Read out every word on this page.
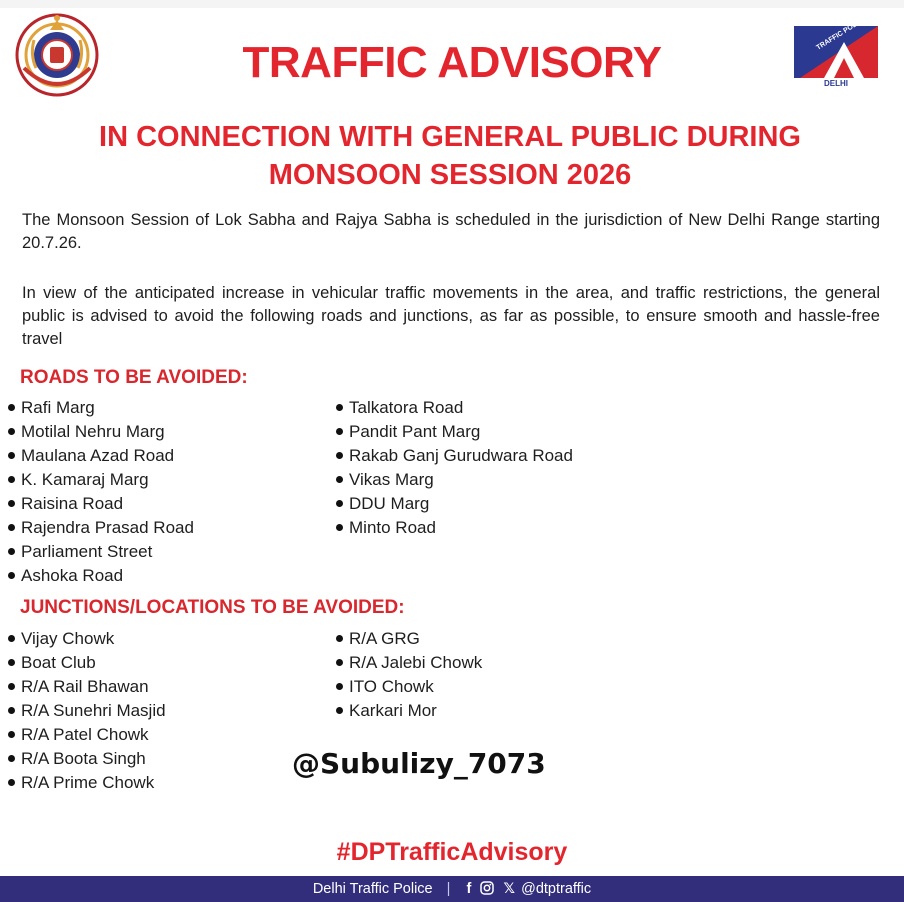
DELHI
TRAFFIC ADVISORY
IN CONNECTION WITH GENERAL PUBLIC DURING
MONSOON SESSION 2026
The Monsoon Session of Lok Sabha and Rajya Sabha is scheduled in the jurisdiction of New Delhi Range starting 20.7.26.
In view of the anticipated increase in vehicular traffic movements in the area, and traffic restrictions, the general public is advised to avoid the following roads and junctions, as far as possible, to ensure smooth and hassle-free travel
ROADS TO BE AVOIDED:
Rafi Marg
Motilal Nehru Marg
Maulana Azad Road
K. Kamaraj Marg
Raisina Road
Rajendra Prasad Road
Parliament Street
Ashoka Road
Talkatora Road
Pandit Pant Marg
Rakab Ganj Gurudwara Road
Vikas Marg
DDU Marg
Minto Road
JUNCTIONS/LOCATIONS TO BE AVOIDED:
Vijay Chowk
Boat Club
R/A Rail Bhawan
R/A Sunehri Masjid
R/A Patel Chowk
R/A Boota Singh
R/A Prime Chowk
R/A GRG
R/A Jalebi Chowk
ITO Chowk
Karkari Mor
@Subulizy_7073
#DPTrafficAdvisory
Delhi Traffic Police | f 𝕏 @dtptraffic
